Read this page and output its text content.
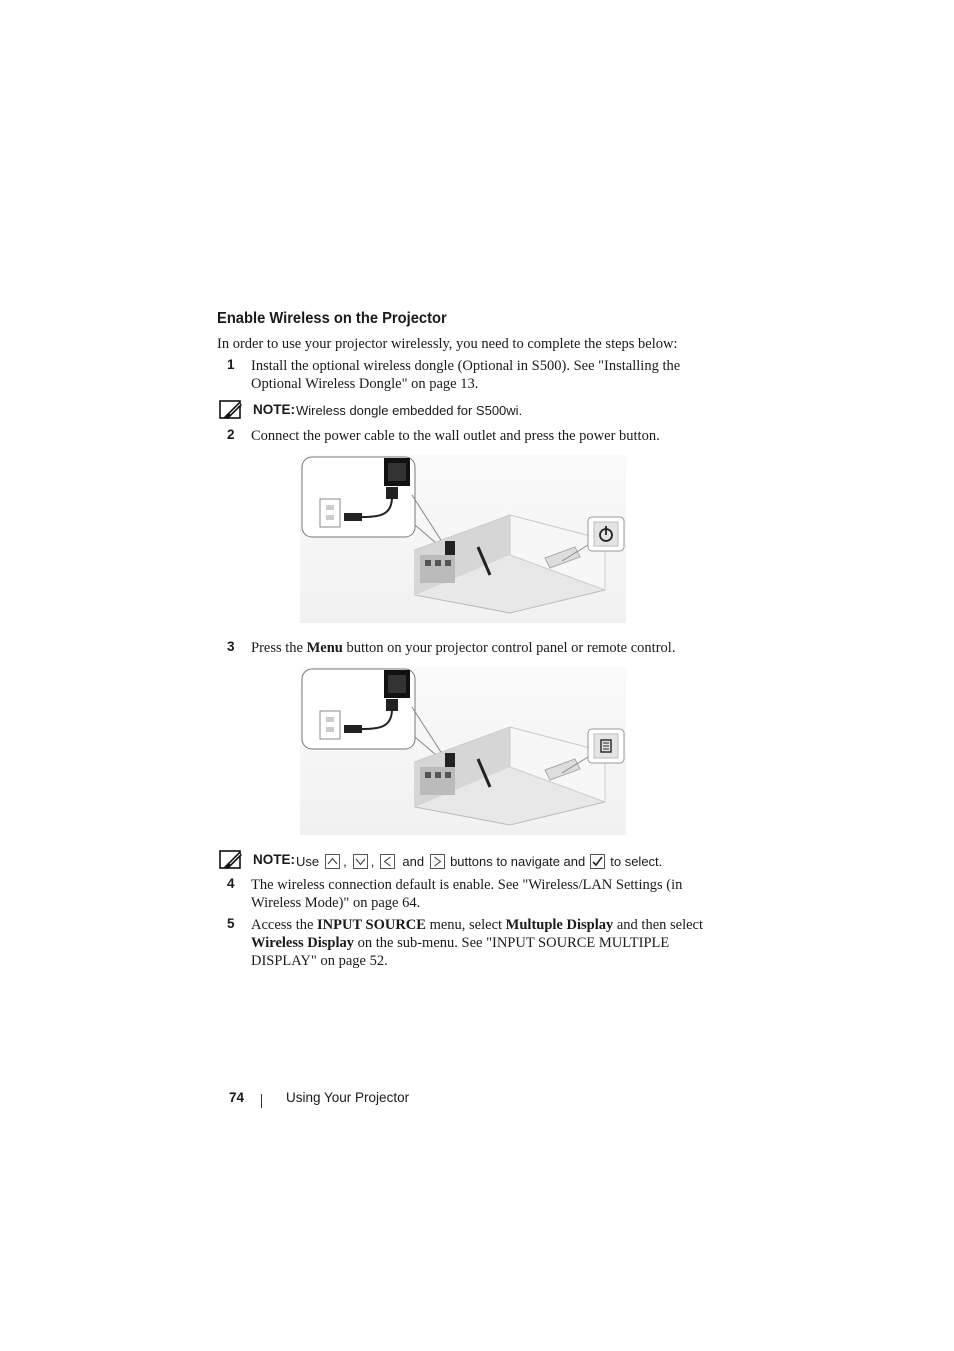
Enable Wireless on the Projector
In order to use your projector wirelessly, you need to complete the steps below:
1 Install the optional wireless dongle (Optional in S500). See "Installing the
Optional Wireless Dongle" on page 13.
NOTE: Wireless dongle embedded for S500wi.
2 Connect the power cable to the wall outlet and press the power button.
3 Press the Menu button on your projector control panel or remote control.
NOTE: Use , , and buttons to navigate and to select.
4 The wireless connection default is enable. See "Wireless/LAN Settings (in
Wireless Mode)" on page 64.
5 Access the INPUT SOURCE menu, select Multuple Display and then select
Wireless Display on the sub-menu. See "INPUT SOURCE MULTIPLE
DISPLAY" on page 52.
74	Using Your Projector
